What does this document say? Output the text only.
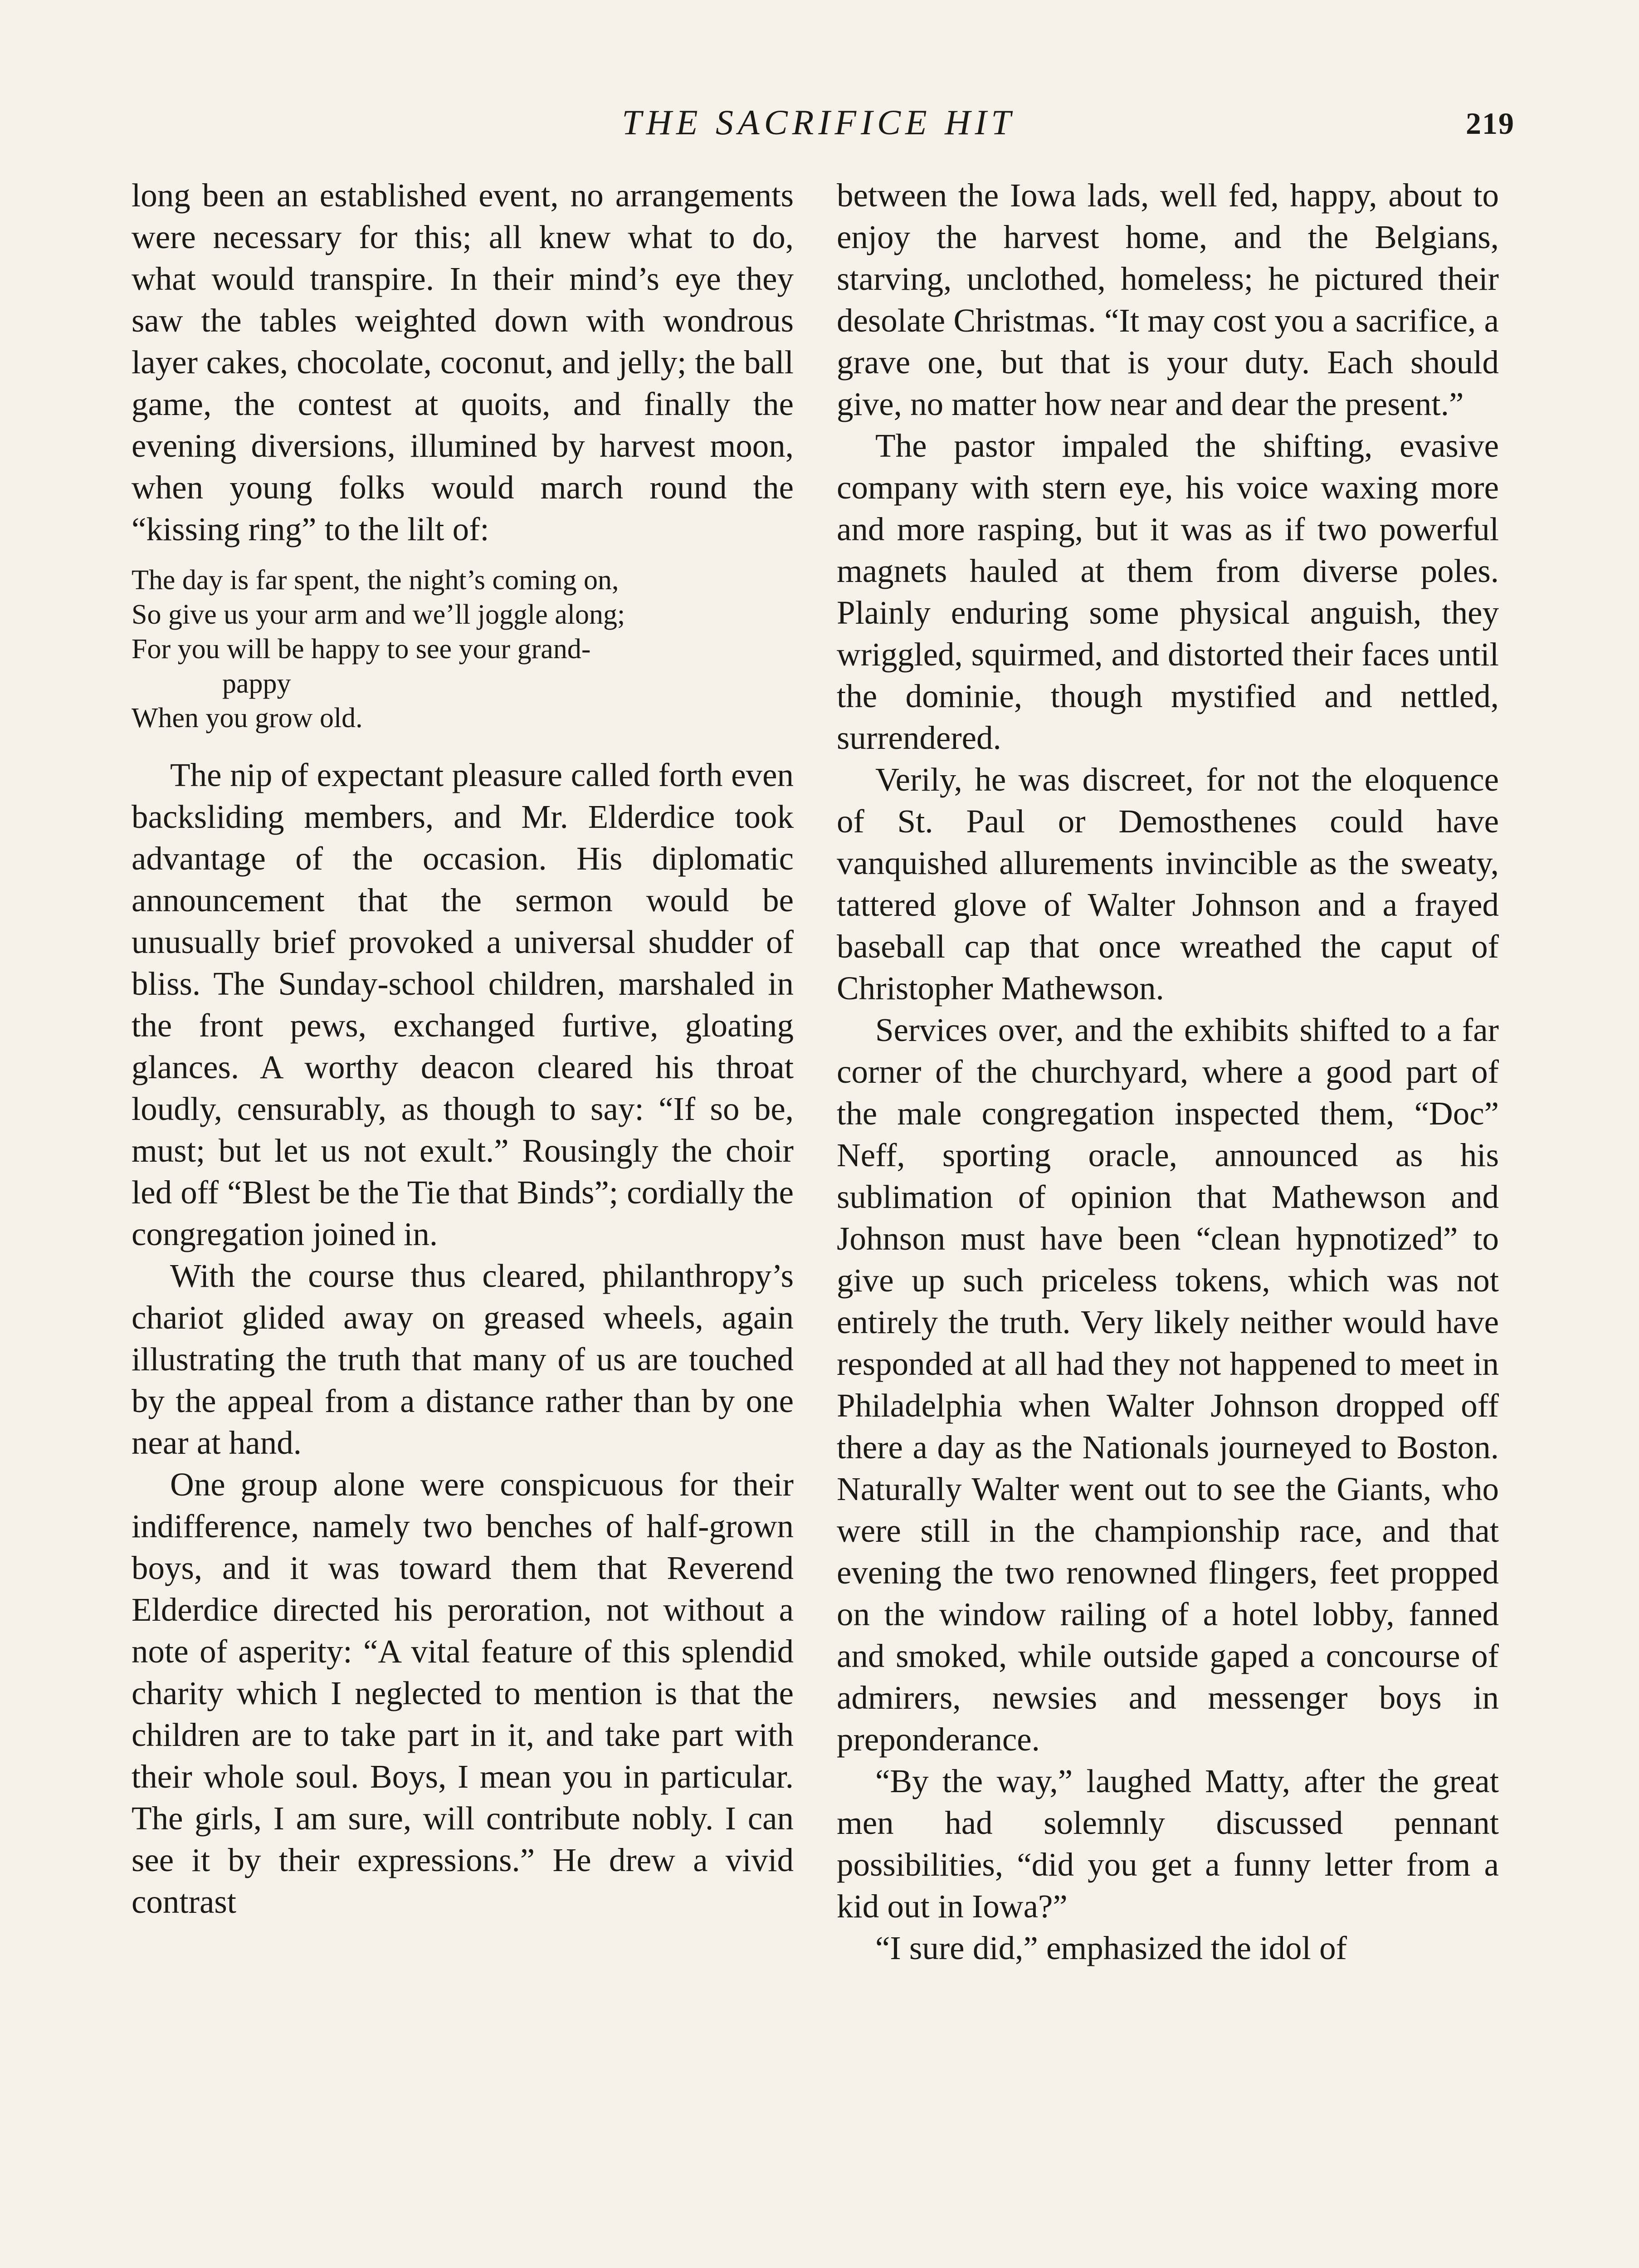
THE SACRIFICE HIT	219

long been an established event, no arrangements were necessary for this; all knew what to do, what would transpire. In their mind’s eye they saw the tables weighted down with wondrous layer cakes, chocolate, coconut, and jelly; the ball game, the contest at quoits, and finally the evening diversions, illumined by harvest moon, when young folks would march round the “kissing ring” to the lilt of:

The day is far spent, the night’s coming on,
So give us your arm and we’ll joggle along;
For you will be happy to see your grand-
pappy
When you grow old.

The nip of expectant pleasure called forth even backsliding members, and Mr. Elderdice took advantage of the occasion. His diplomatic announcement that the sermon would be unusually brief provoked a universal shudder of bliss. The Sunday-school children, marshaled in the front pews, exchanged furtive, gloating glances. A worthy deacon cleared his throat loudly, censurably, as though to say: “If so be, must; but let us not exult.” Rousingly the choir led off “Blest be the Tie that Binds”; cordially the congregation joined in.

With the course thus cleared, philanthropy’s chariot glided away on greased wheels, again illustrating the truth that many of us are touched by the appeal from a distance rather than by one near at hand.

One group alone were conspicuous for their indifference, namely two benches of half-grown boys, and it was toward them that Reverend Elderdice directed his peroration, not without a note of asperity: “A vital feature of this splendid charity which I neglected to mention is that the children are to take part in it, and take part with their whole soul. Boys, I mean you in particular. The girls, I am sure, will contribute nobly. I can see it by their expressions.” He drew a vivid contrast

between the Iowa lads, well fed, happy, about to enjoy the harvest home, and the Belgians, starving, unclothed, homeless; he pictured their desolate Christmas. “It may cost you a sacrifice, a grave one, but that is your duty. Each should give, no matter how near and dear the present.”

The pastor impaled the shifting, evasive company with stern eye, his voice waxing more and more rasping, but it was as if two powerful magnets hauled at them from diverse poles. Plainly enduring some physical anguish, they wriggled, squirmed, and distorted their faces until the dominie, though mystified and nettled, surrendered.

Verily, he was discreet, for not the eloquence of St. Paul or Demosthenes could have vanquished allurements invincible as the sweaty, tattered glove of Walter Johnson and a frayed baseball cap that once wreathed the caput of Christopher Mathewson.

Services over, and the exhibits shifted to a far corner of the churchyard, where a good part of the male congregation inspected them, “Doc” Neff, sporting oracle, announced as his sublimation of opinion that Mathewson and Johnson must have been “clean hypnotized” to give up such priceless tokens, which was not entirely the truth. Very likely neither would have responded at all had they not happened to meet in Philadelphia when Walter Johnson dropped off there a day as the Nationals journeyed to Boston. Naturally Walter went out to see the Giants, who were still in the championship race, and that evening the two renowned flingers, feet propped on the window railing of a hotel lobby, fanned and smoked, while outside gaped a concourse of admirers, newsies and messenger boys in preponderance.

“By the way,” laughed Matty, after the great men had solemnly discussed pennant possibilities, “did you get a funny letter from a kid out in Iowa?”

“I sure did,” emphasized the idol of
